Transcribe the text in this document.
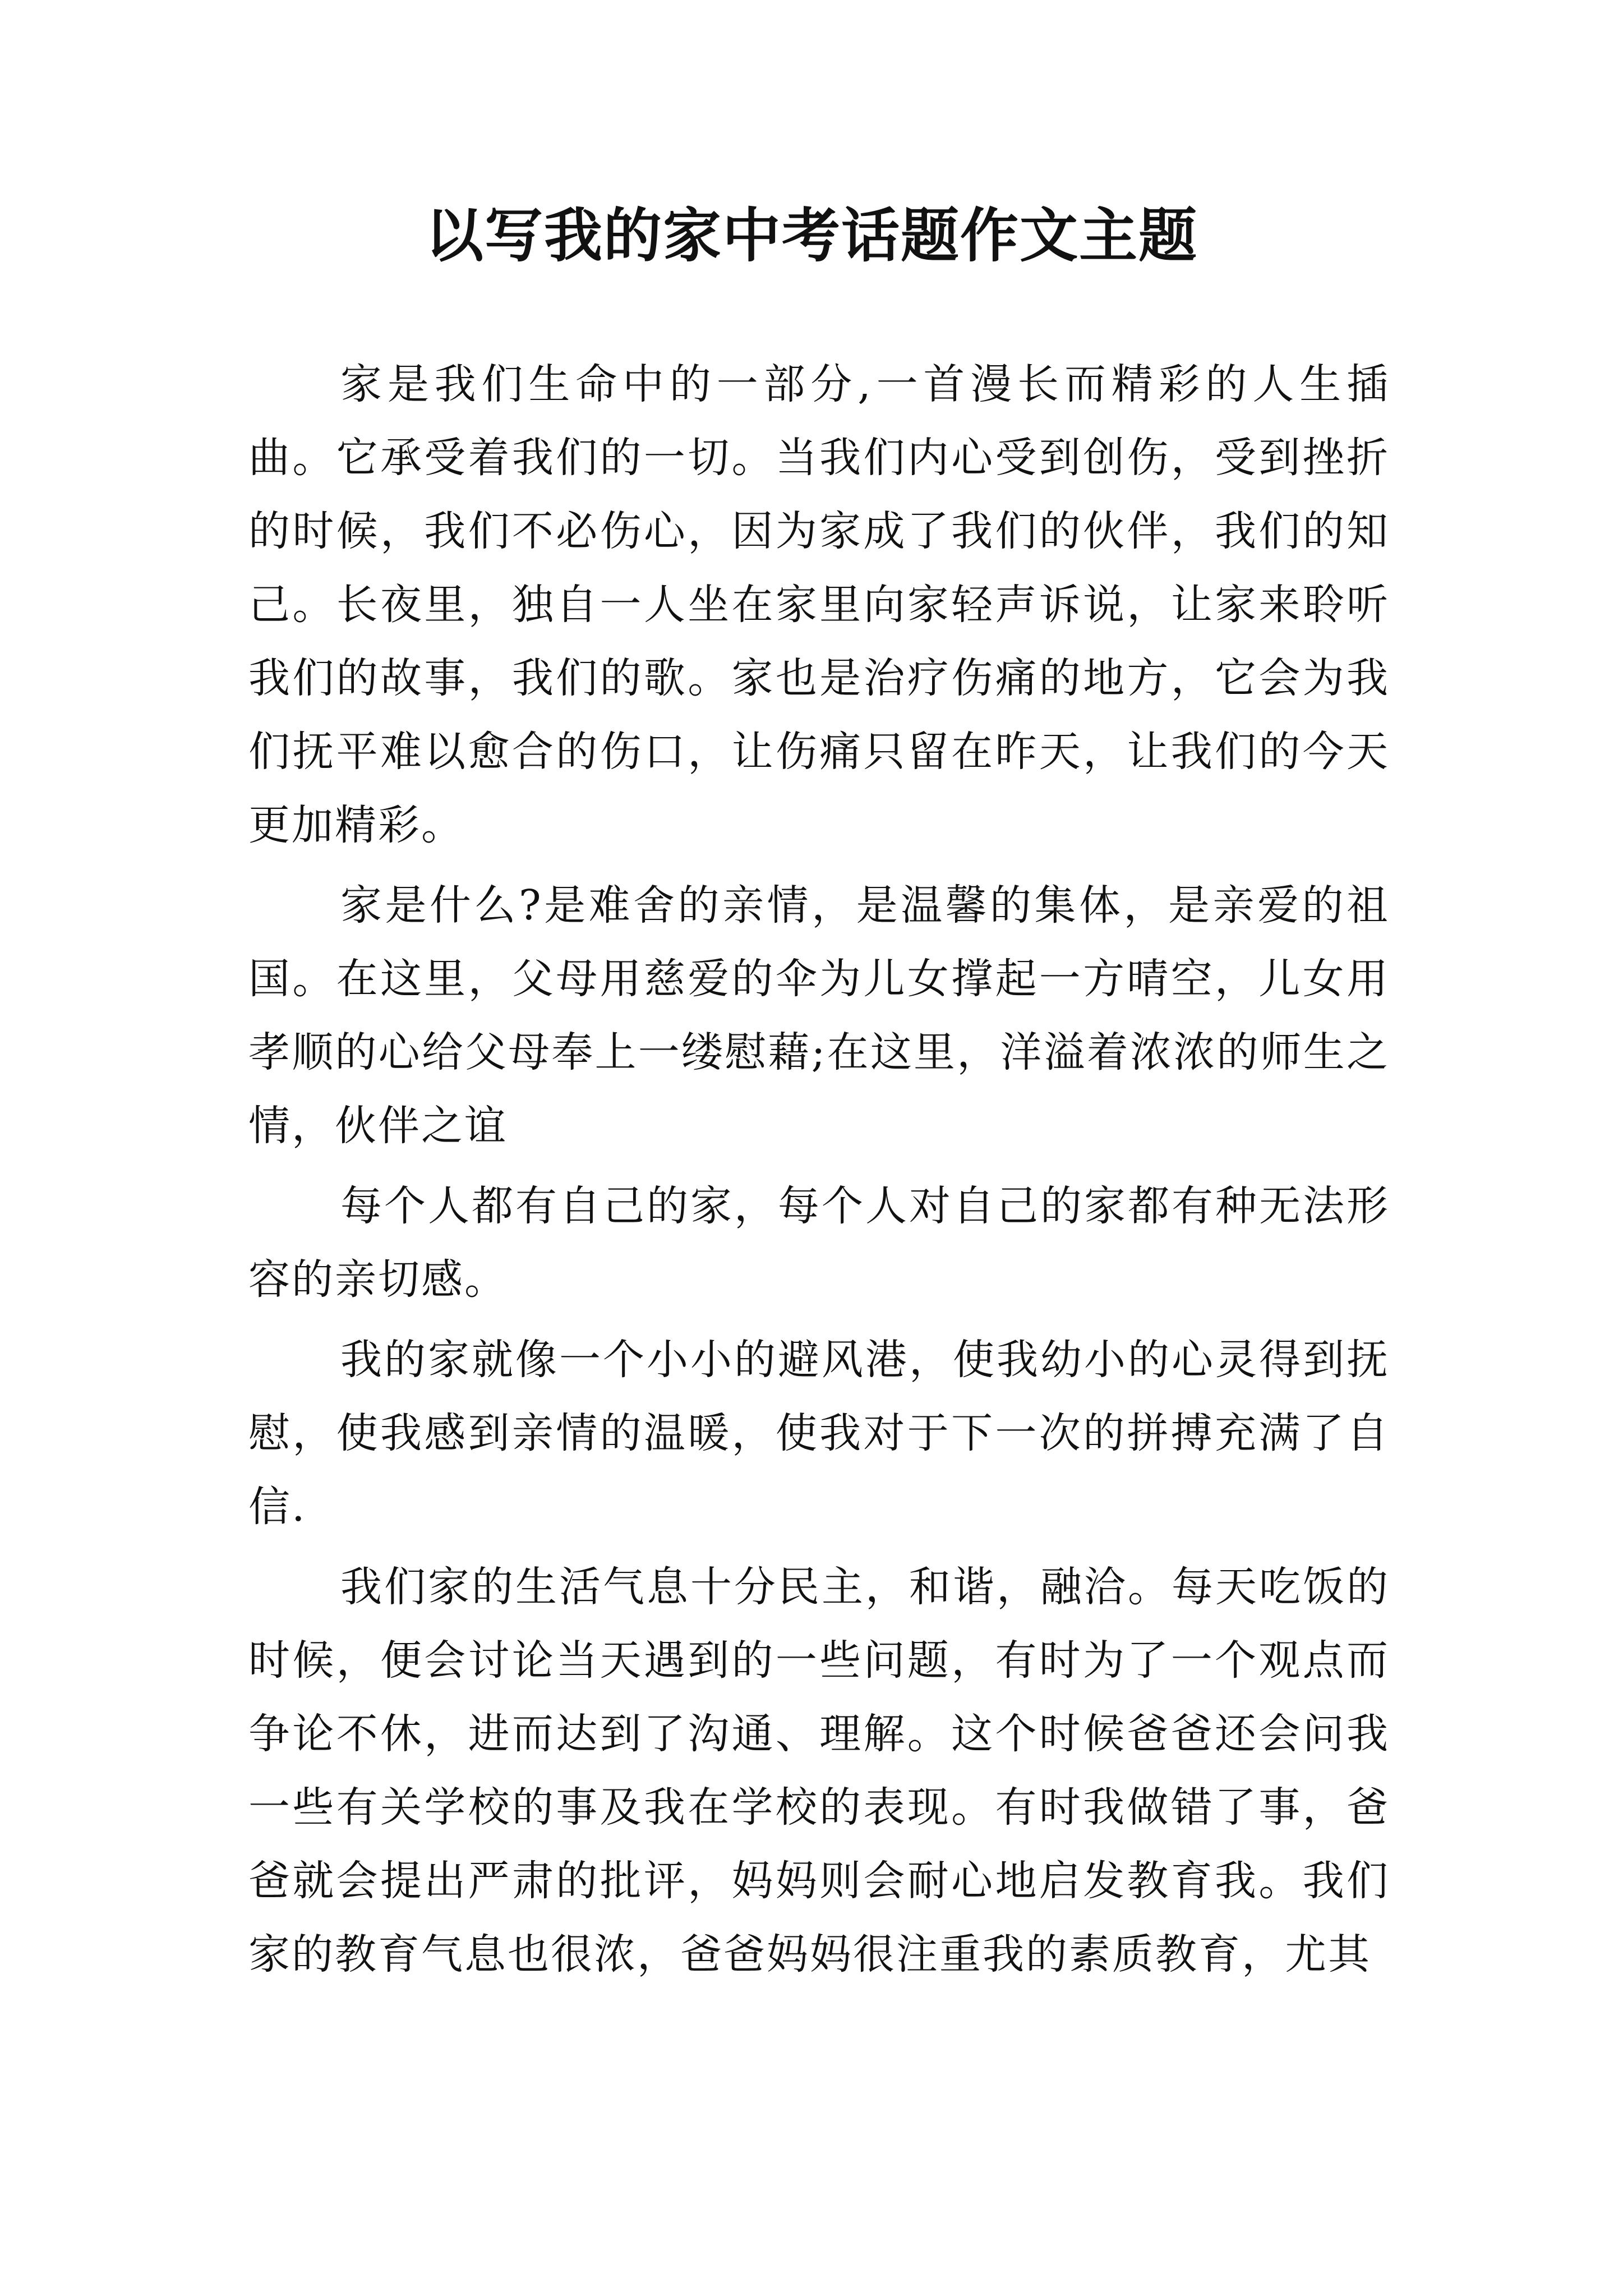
以写我的家中考话题作文主题

家是我们生命中的一部分,一首漫长而精彩的人生插曲。它承受着我们的一切。当我们内心受到创伤，受到挫折的时候，我们不必伤心，因为家成了我们的伙伴，我们的知己。长夜里，独自一人坐在家里向家轻声诉说，让家来聆听我们的故事，我们的歌。家也是治疗伤痛的地方，它会为我们抚平难以愈合的伤口，让伤痛只留在昨天，让我们的今天更加精彩。

家是什么?是难舍的亲情，是温馨的集体，是亲爱的祖国。在这里，父母用慈爱的伞为儿女撑起一方晴空，儿女用孝顺的心给父母奉上一缕慰藉;在这里，洋溢着浓浓的师生之情，伙伴之谊

每个人都有自己的家，每个人对自己的家都有种无法形容的亲切感。

我的家就像一个小小的避风港，使我幼小的心灵得到抚慰，使我感到亲情的温暖，使我对于下一次的拼搏充满了自信.

我们家的生活气息十分民主，和谐，融洽。每天吃饭的时候，便会讨论当天遇到的一些问题，有时为了一个观点而争论不休，进而达到了沟通、理解。这个时候爸爸还会问我一些有关学校的事及我在学校的表现。有时我做错了事，爸爸就会提出严肃的批评，妈妈则会耐心地启发教育我。我们家的教育气息也很浓，爸爸妈妈很注重我的素质教育，尤其
